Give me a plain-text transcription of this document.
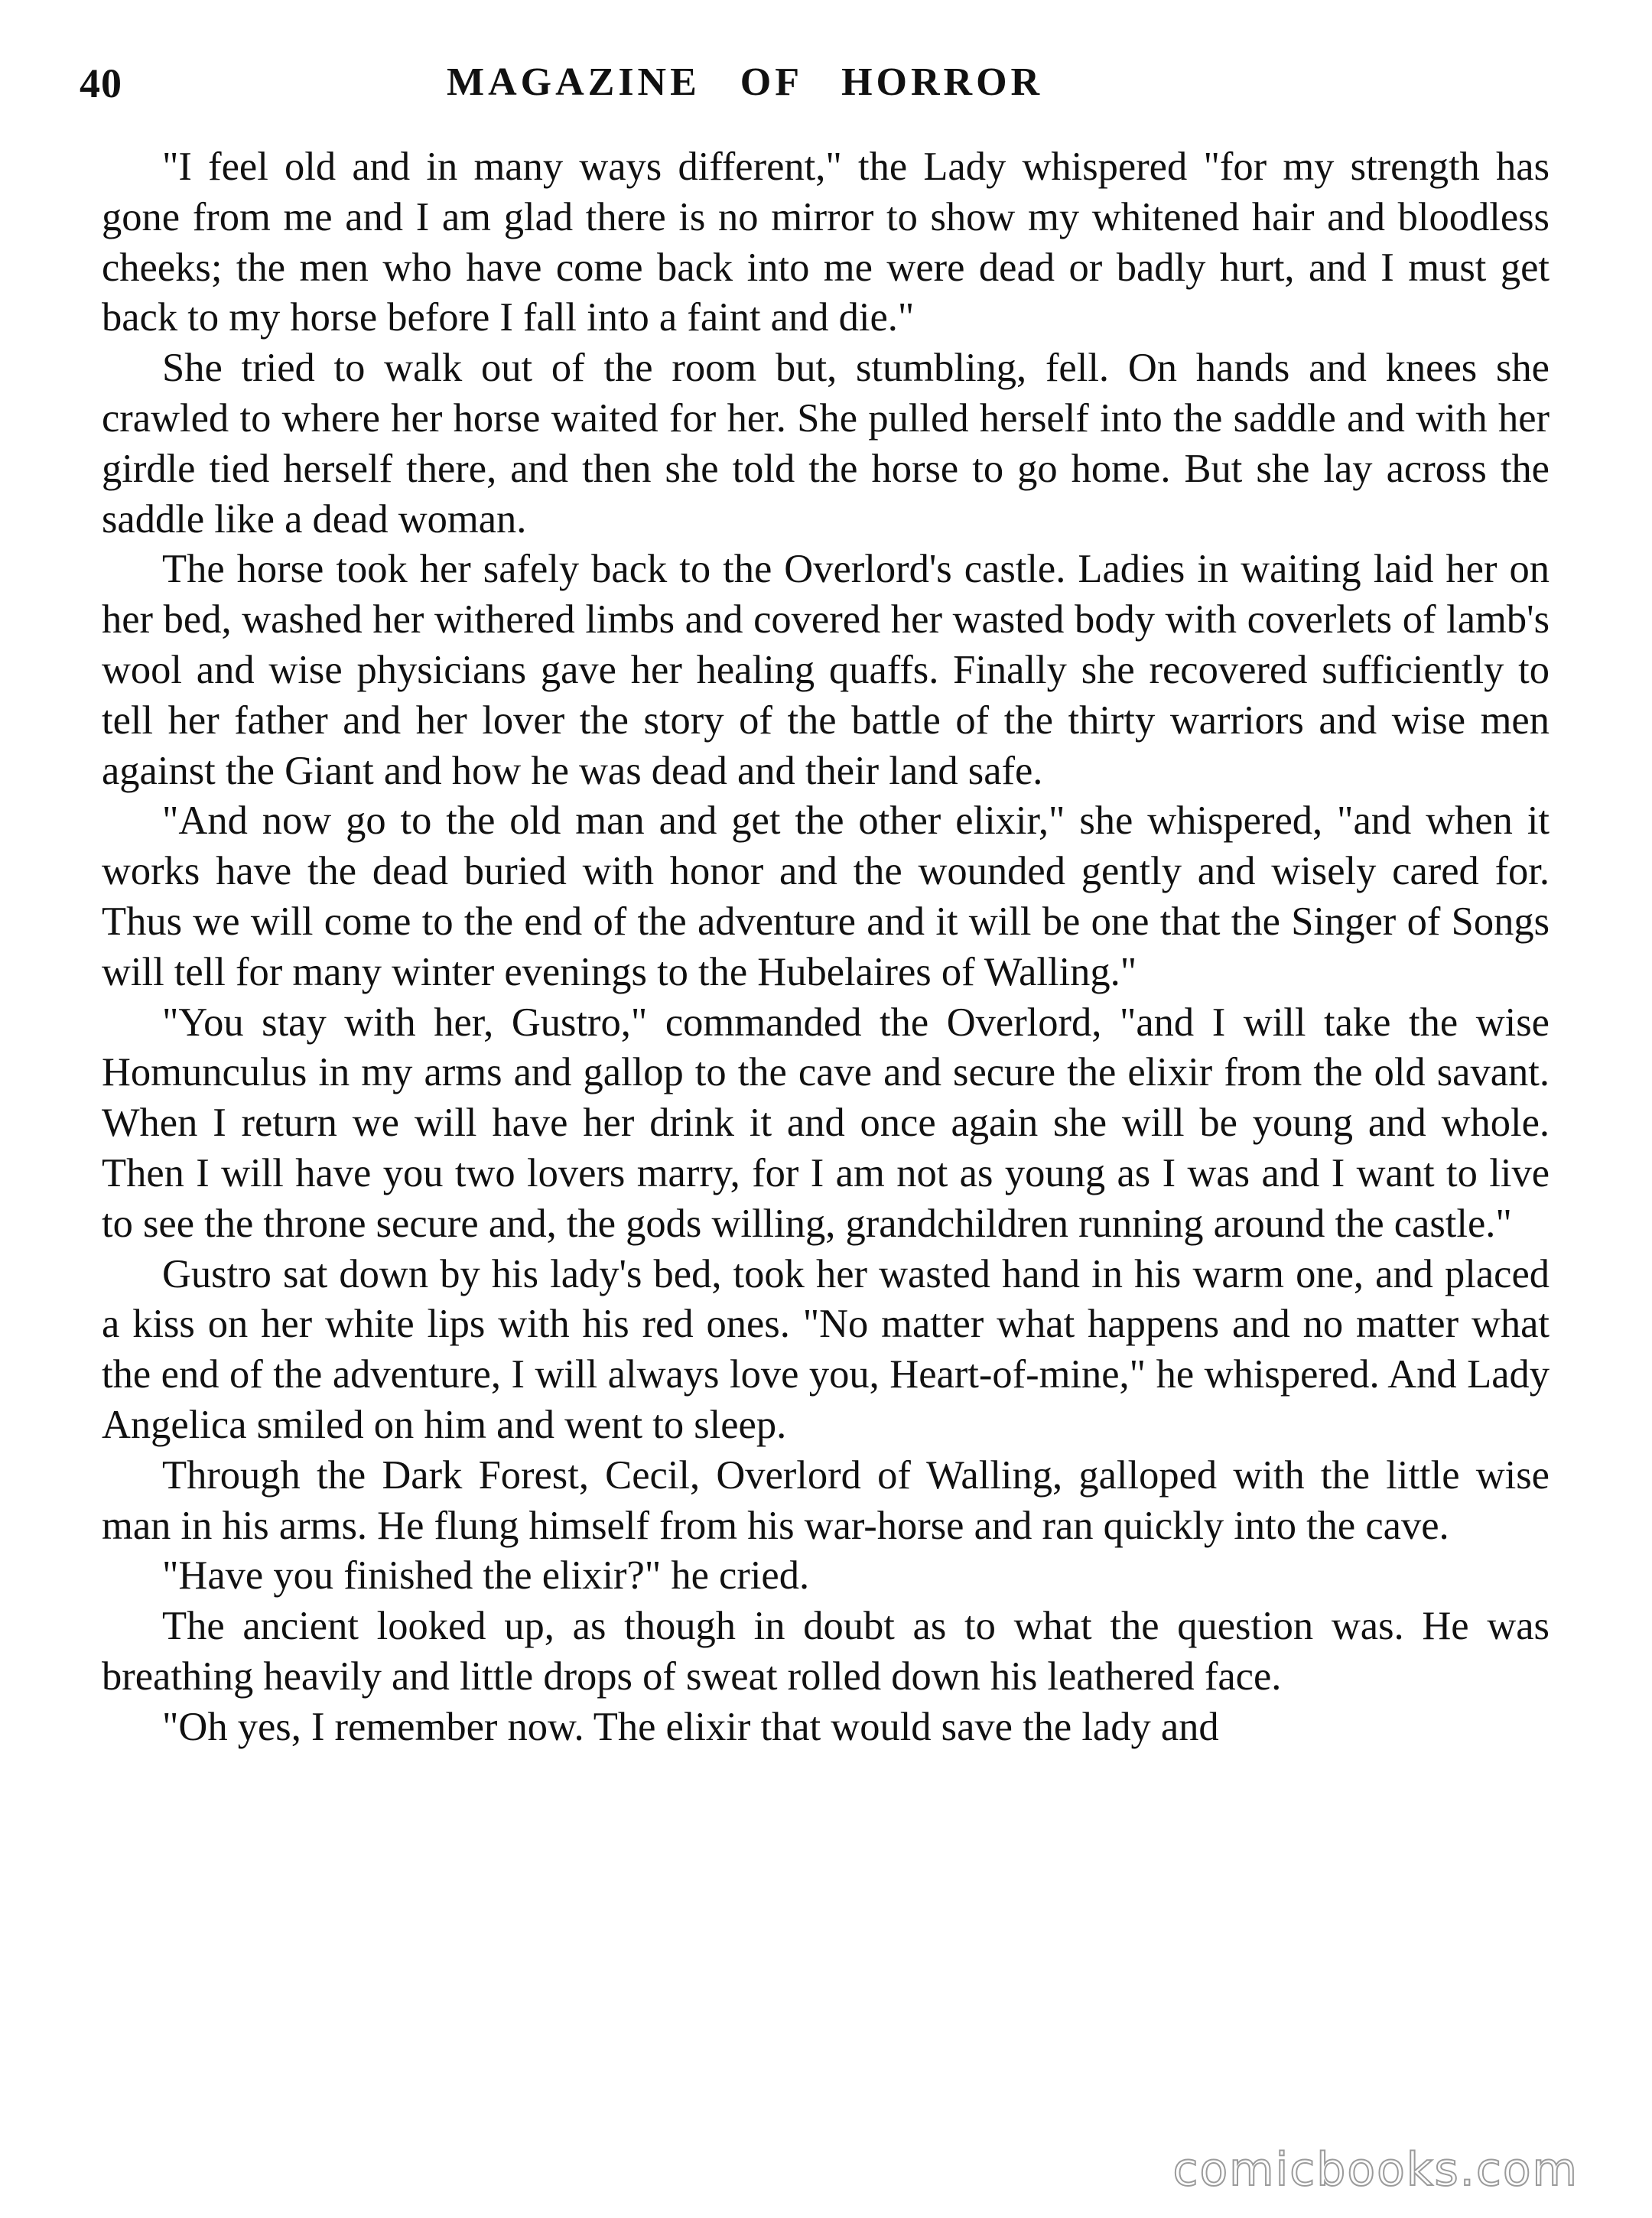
40	MAGAZINE OF HORROR

"I feel old and in many ways different," the Lady whispered "for my strength has gone from me and I am glad there is no mirror to show my whitened hair and bloodless cheeks; the men who have come back into me were dead or badly hurt, and I must get back to my horse before I fall into a faint and die."

She tried to walk out of the room but, stumbling, fell. On hands and knees she crawled to where her horse waited for her. She pulled herself into the saddle and with her girdle tied herself there, and then she told the horse to go home. But she lay across the saddle like a dead woman.

The horse took her safely back to the Overlord's castle. Ladies in waiting laid her on her bed, washed her withered limbs and covered her wasted body with coverlets of lamb's wool and wise physicians gave her healing quaffs. Finally she recovered sufficiently to tell her father and her lover the story of the battle of the thirty warriors and wise men against the Giant and how he was dead and their land safe.

"And now go to the old man and get the other elixir," she whispered, "and when it works have the dead buried with honor and the wounded gently and wisely cared for. Thus we will come to the end of the adventure and it will be one that the Singer of Songs will tell for many winter evenings to the Hubelaires of Walling."

"You stay with her, Gustro," commanded the Overlord, "and I will take the wise Homunculus in my arms and gallop to the cave and secure the elixir from the old savant. When I return we will have her drink it and once again she will be young and whole. Then I will have you two lovers marry, for I am not as young as I was and I want to live to see the throne secure and, the gods willing, grandchildren running around the castle."

Gustro sat down by his lady's bed, took her wasted hand in his warm one, and placed a kiss on her white lips with his red ones. "No matter what happens and no matter what the end of the adventure, I will always love you, Heart-of-mine," he whispered. And Lady Angelica smiled on him and went to sleep.

Through the Dark Forest, Cecil, Overlord of Walling, galloped with the little wise man in his arms. He flung himself from his war-horse and ran quickly into the cave.

"Have you finished the elixir?" he cried.

The ancient looked up, as though in doubt as to what the question was. He was breathing heavily and little drops of sweat rolled down his leathered face.

"Oh yes, I remember now. The elixir that would save the lady and

comicbooks.com
